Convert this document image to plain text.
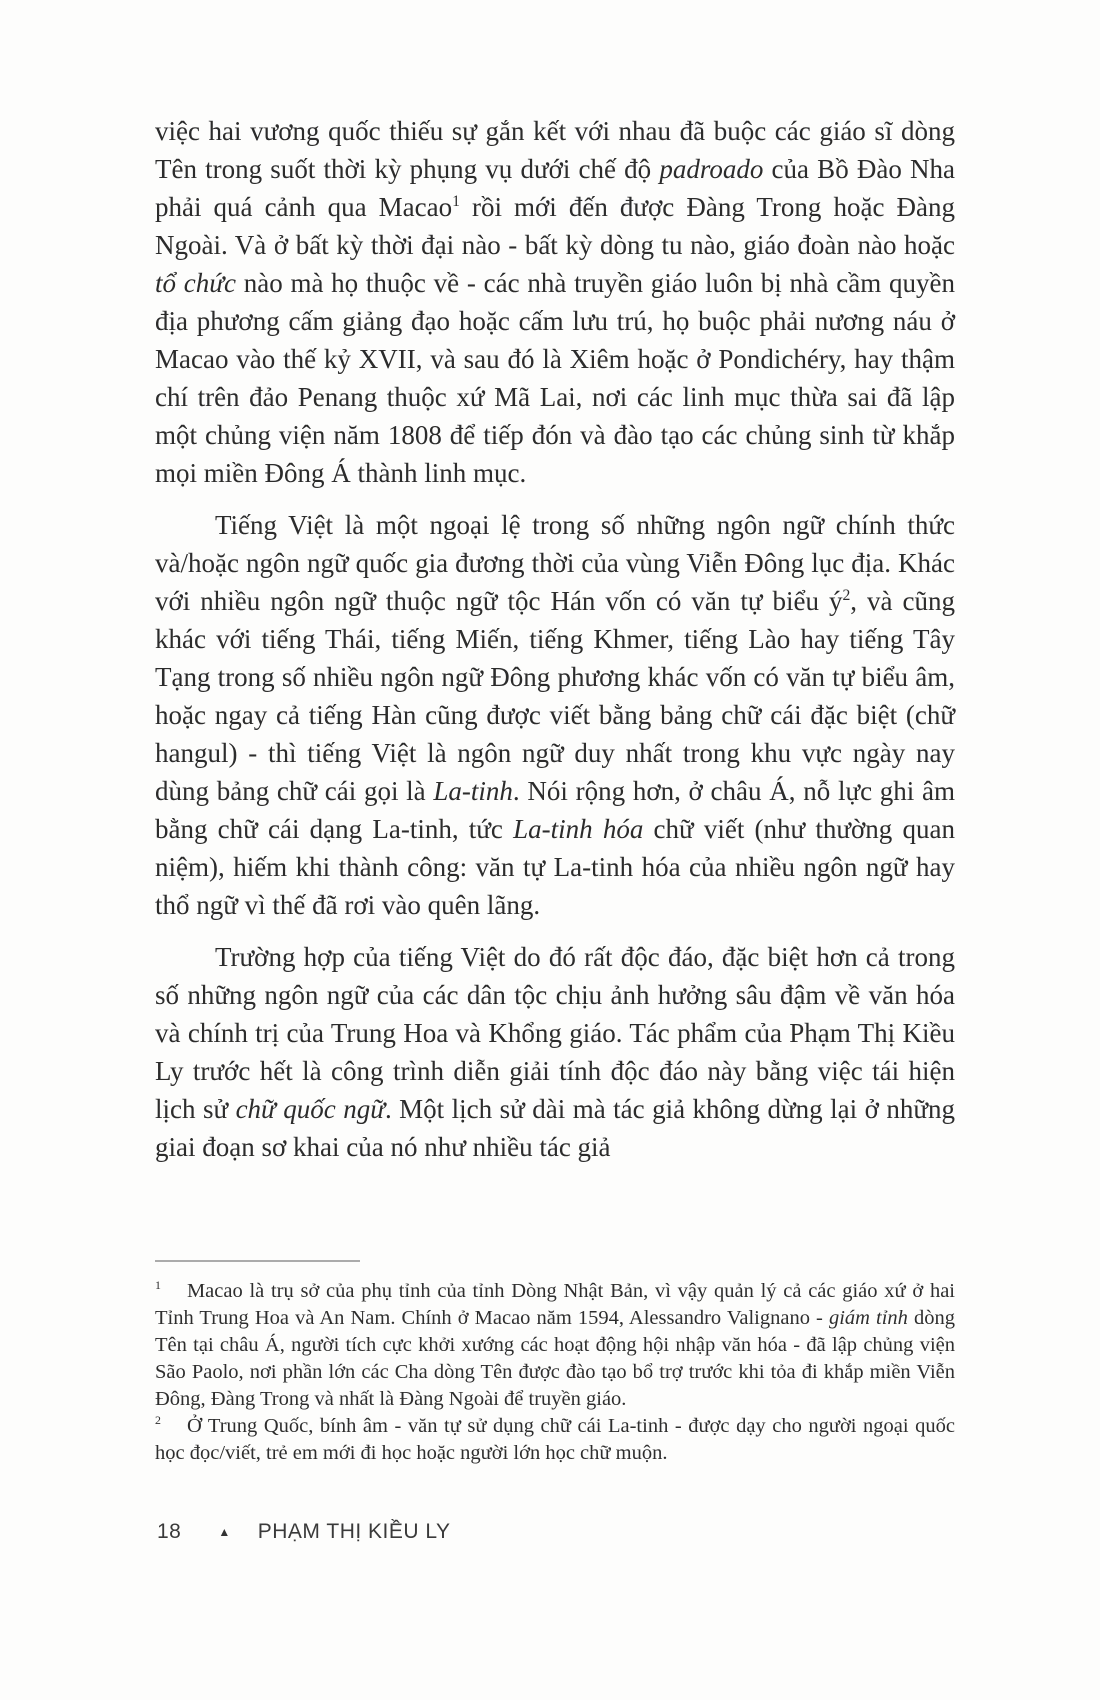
việc hai vương quốc thiếu sự gắn kết với nhau đã buộc các giáo sĩ dòng Tên trong suốt thời kỳ phụng vụ dưới chế độ padroado của Bồ Đào Nha phải quá cảnh qua Macao$^1$ rồi mới đến được Đàng Trong hoặc Đàng Ngoài. Và ở bất kỳ thời đại nào - bất kỳ dòng tu nào, giáo đoàn nào hoặc tổ chức nào mà họ thuộc về - các nhà truyền giáo luôn bị nhà cầm quyền địa phương cấm giảng đạo hoặc cấm lưu trú, họ buộc phải nương náu ở Macao vào thế kỷ XVII, và sau đó là Xiêm hoặc ở Pondichéry, hay thậm chí trên đảo Penang thuộc xứ Mã Lai, nơi các linh mục thừa sai đã lập một chủng viện năm 1808 để tiếp đón và đào tạo các chủng sinh từ khắp mọi miền Đông Á thành linh mục.

Tiếng Việt là một ngoại lệ trong số những ngôn ngữ chính thức và/hoặc ngôn ngữ quốc gia đương thời của vùng Viễn Đông lục địa. Khác với nhiều ngôn ngữ thuộc ngữ tộc Hán vốn có văn tự biểu $ý^2$, và cũng khác với tiếng Thái, tiếng Miến, tiếng Khmer, tiếng Lào hay tiếng Tây Tạng trong số nhiều ngôn ngữ Đông phương khác vốn có văn tự biểu âm, hoặc ngay cả tiếng Hàn cũng được viết bằng bảng chữ cái đặc biệt (chữ hangul) - thì tiếng Việt là ngôn ngữ duy nhất trong khu vực ngày nay dùng bảng chữ cái gọi là La-tinh. Nói rộng hơn, ở châu Á, nỗ lực ghi âm bằng chữ cái dạng La-tinh, tức La-tinh hóa chữ viết (như thường quan niệm), hiếm khi thành công: văn tự La-tinh hóa của nhiều ngôn ngữ hay thổ ngữ vì thế đã rơi vào quên lãng.

Trường hợp của tiếng Việt do đó rất độc đáo, đặc biệt hơn cả trong số những ngôn ngữ của các dân tộc chịu ảnh hưởng sâu đậm về văn hóa và chính trị của Trung Hoa và Khổng giáo. Tác phẩm của Phạm Thị Kiều Ly trước hết là công trình diễn giải tính độc đáo này bằng việc tái hiện lịch sử chữ quốc ngữ. Một lịch sử dài mà tác giả không dừng lại ở những giai đoạn sơ khai của nó như nhiều tác giả

$^1$ Macao là trụ sở của phụ tỉnh của tỉnh Dòng Nhật Bản, vì vậy quản lý cả các giáo xứ ở hai Tỉnh Trung Hoa và An Nam. Chính ở Macao năm 1594, Alessandro Valignano - giám tỉnh dòng Tên tại châu Á, người tích cực khởi xướng các hoạt động hội nhập văn hóa - đã lập chủng viện São Paolo, nơi phần lớn các Cha dòng Tên được đào tạo bổ trợ trước khi tỏa đi khắp miền Viễn Đông, Đàng Trong và nhất là Đàng Ngoài để truyền giáo.

$^2$ Ở Trung Quốc, bính âm - văn tự sử dụng chữ cái La-tinh - được dạy cho người ngoại quốc học đọc/viết, trẻ em mới đi học hoặc người lớn học chữ muộn.

18	▲ PHẠM THỊ KIỀU LY
